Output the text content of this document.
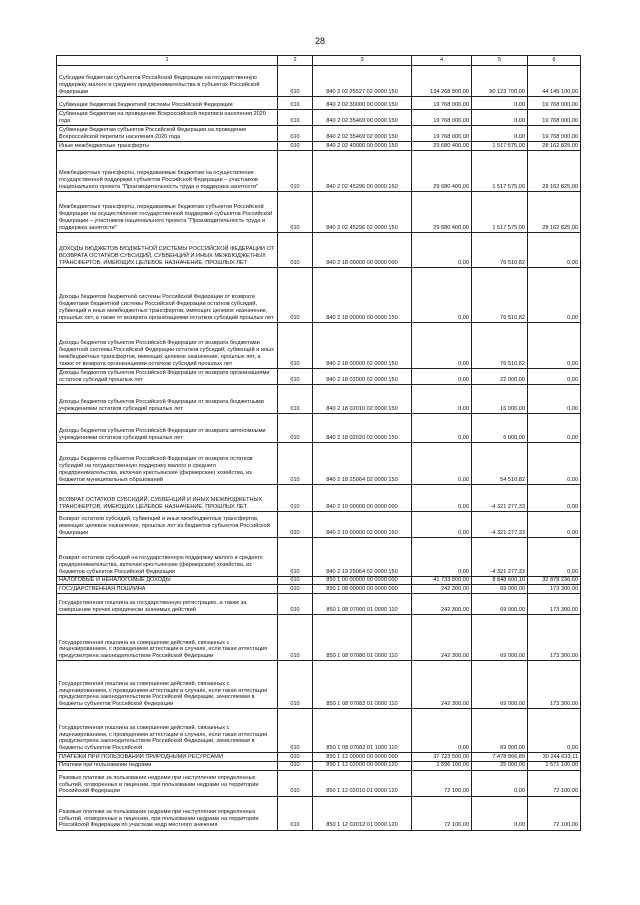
28
1	2	3	4	5	6
Субсидии бюджетам субъектов Российской Федерации на государственную поддержку малого и среднего предпринимательства в субъектах Российской Федерации	010	840 2 02 25527 02 0000 150	134 268 800,00	90 123 700,00	44 145 100,00
Субвенции бюджетам бюджетной системы Российской Федерации	010	840 2 02 30000 00 0000 150	19 768 000,00	0,00	19 768 000,00
Субвенции бюджетам на проведение Всероссийской переписи населения 2020 года	010	840 2 02 35469 00 0000 150	19 768 000,00	0,00	19 768 000,00
Субвенции бюджетам субъектов Российской Федерации на проведение Всероссийской переписи населения 2020 года	010	840 2 02 35469 02 0000 150	19 768 000,00	0,00	19 768 000,00
Иные межбюджетные трансферты	010	840 2 02 40000 00 0000 150	29 680 400,00	1 517 575,00	28 162 825,00
Межбюджетные трансферты, передаваемые бюджетам на осуществление государственной поддержки субъектов Российской Федерации – участников национального проекта "Производительность труда и поддержка занятости"	010	840 2 02 45296 00 0000 150	29 680 400,00	1 517 575,00	28 162 825,00
Межбюджетные трансферты, передаваемые бюджетам субъектов Российской Федерации на осуществление государственной поддержки субъектов Российской Федерации – участников национального проекта "Производительность труда и поддержка занятости"	010	840 2 02 45296 02 0000 150	29 680 400,00	1 517 575,00	28 162 825,00
ДОХОДЫ БЮДЖЕТОВ БЮДЖЕТНОЙ СИСТЕМЫ РОССИЙСКОЙ ФЕДЕРАЦИИ ОТ ВОЗВРАТА ОСТАТКОВ СУБСИДИЙ, СУБВЕНЦИЙ И ИНЫХ МЕЖБЮДЖЕТНЫХ ТРАНСФЕРТОВ, ИМЕЮЩИХ ЦЕЛЕВОЕ НАЗНАЧЕНИЕ, ПРОШЛЫХ ЛЕТ	010	840 2 18 00000 00 0000 000	0,00	76 510,82	0,00
Доходы бюджетов бюджетной системы Российской Федерации от возврата бюджетами бюджетной системы Российской Федерации остатков субсидий, субвенций и иных межбюджетных трансфертов, имеющих целевое назначение, прошлых лет, а также от возврата организациями остатков субсидий прошлых лет	010	840 2 18 00000 00 0000 150	0,00	76 510,82	0,00
Доходы бюджетов субъектов Российской Федерации от возврата бюджетами бюджетной системы Российской Федерации остатков субсидий, субвенций и иных межбюджетных трансфертов, имеющих целевое назначение, прошлых лет, а также от возврата организациями остатков субсидий прошлых лет	010	840 2 18 00000 02 0000 150	0,00	76 510,82	0,00
Доходы бюджетов субъектов Российской Федерации от возврата организациями остатков субсидий прошлых лет	010	840 2 18 02000 02 0000 150	0,00	22 000,00	0,00
Доходы бюджетов субъектов Российской Федерации от возврата бюджетными учреждениями остатков субсидий прошлых лет	010	840 2 18 02010 02 0000 150	0,00	16 000,00	0,00
Доходы бюджетов субъектов Российской Федерации от возврата автономными учреждениями остатков субсидий прошлых лет	010	840 2 18 02020 02 0000 150	0,00	6 000,00	0,00
Доходы бюджетов субъектов Российской Федерации от возврата остатков субсидий на государственную поддержку малого и среднего предпринимательства, включая крестьянские (фермерские) хозяйства, из бюджетов муниципальных образований	010	840 2 18 25064 02 0000 150	0,00	54 510,82	0,00
ВОЗВРАТ ОСТАТКОВ СУБСИДИЙ, СУБВЕНЦИЙ И ИНЫХ МЕЖБЮДЖЕТНЫХ ТРАНСФЕРТОВ, ИМЕЮЩИХ ЦЕЛЕВОЕ НАЗНАЧЕНИЕ, ПРОШЛЫХ ЛЕТ	010	840 2 19 00000 00 0000 000	0,00	-4 321 277,33	0,00
Возврат остатков субсидий, субвенций и иных межбюджетных трансфертов, имеющих целевое назначение, прошлых лет из бюджетов субъектов Российской Федерации	010	840 2 19 00000 02 0000 150	0,00	-4 321 277,33	0,00
Возврат остатков субсидий на государственную поддержку малого и среднего предпринимательства, включая крестьянские (фермерские) хозяйства, из бюджетов субъектов Российской Федерации	010	840 2 19 25064 02 0000 150	0,00	-4 321 277,33	0,00
НАЛОГОВЫЕ И НЕНАЛОГОВЫЕ ДОХОДЫ	010	850 1 00 00000 00 0000 000	41 733 800,00	8 848 600,10	32 878 236,60
ГОСУДАРСТВЕННАЯ ПОШЛИНА	010	850 1 08 00000 00 0000 000	242 300,00	69 000,00	173 300,00
Государственная пошлина за государственную регистрацию, а также за совершение прочих юридически значимых действий	010	850 1 08 07000 01 0000 110	242 300,00	69 000,00	173 300,00
Государственная пошлина за совершение действий, связанных с лицензированием, с проведением аттестации в случаях, если такая аттестация предусмотрена законодательством Российской Федерации	010	850 1 08 07080 01 0000 110	242 300,00	69 000,00	173 300,00
Государственная пошлина за совершение действий, связанных с лицензированием, с проведением аттестации в случаях, если такая аттестация предусмотрена законодательством Российской Федерации, зачисляемая в бюджеты субъектов Российской Федерации	010	850 1 08 07082 01 0000 110	242 300,00	69 000,00	173 300,00
Государственная пошлина за совершение действий, связанных с лицензированием, с проведением аттестации в случаях, если такая аттестация предусмотрена законодательством Российской Федерации, зачисляемая в бюджеты субъектов Российской	010	850 1 08 07082 01 1000 110	0,00	69 000,00	0,00
ПЛАТЕЖИ ПРИ ПОЛЬЗОВАНИИ ПРИРОДНЫМИ РЕСУРСАМИ	010	850 1 12 00000 00 0000 000	37 723 500,00	7 478 866,89	30 244 633,11
Платежи при пользовании недрами	010	850 1 12 02000 00 0000 120	1 596 100,00	25 000,00	1 571 100,00
Разовые платежи за пользование недрами при наступлении определенных событий, оговоренных в лицензии, при пользовании недрами на территории Российской Федерации	010	850 1 12 02010 01 0000 120	72 100,00	0,00	72 100,00
Разовые платежи за пользование недрами при наступлении определенных событий, оговоренных в лицензии, при пользовании недрами на территории Российской Федерации по участкам недр местного значения	010	850 1 12 02012 01 0000 120	72 100,00	0,00	72 100,00
